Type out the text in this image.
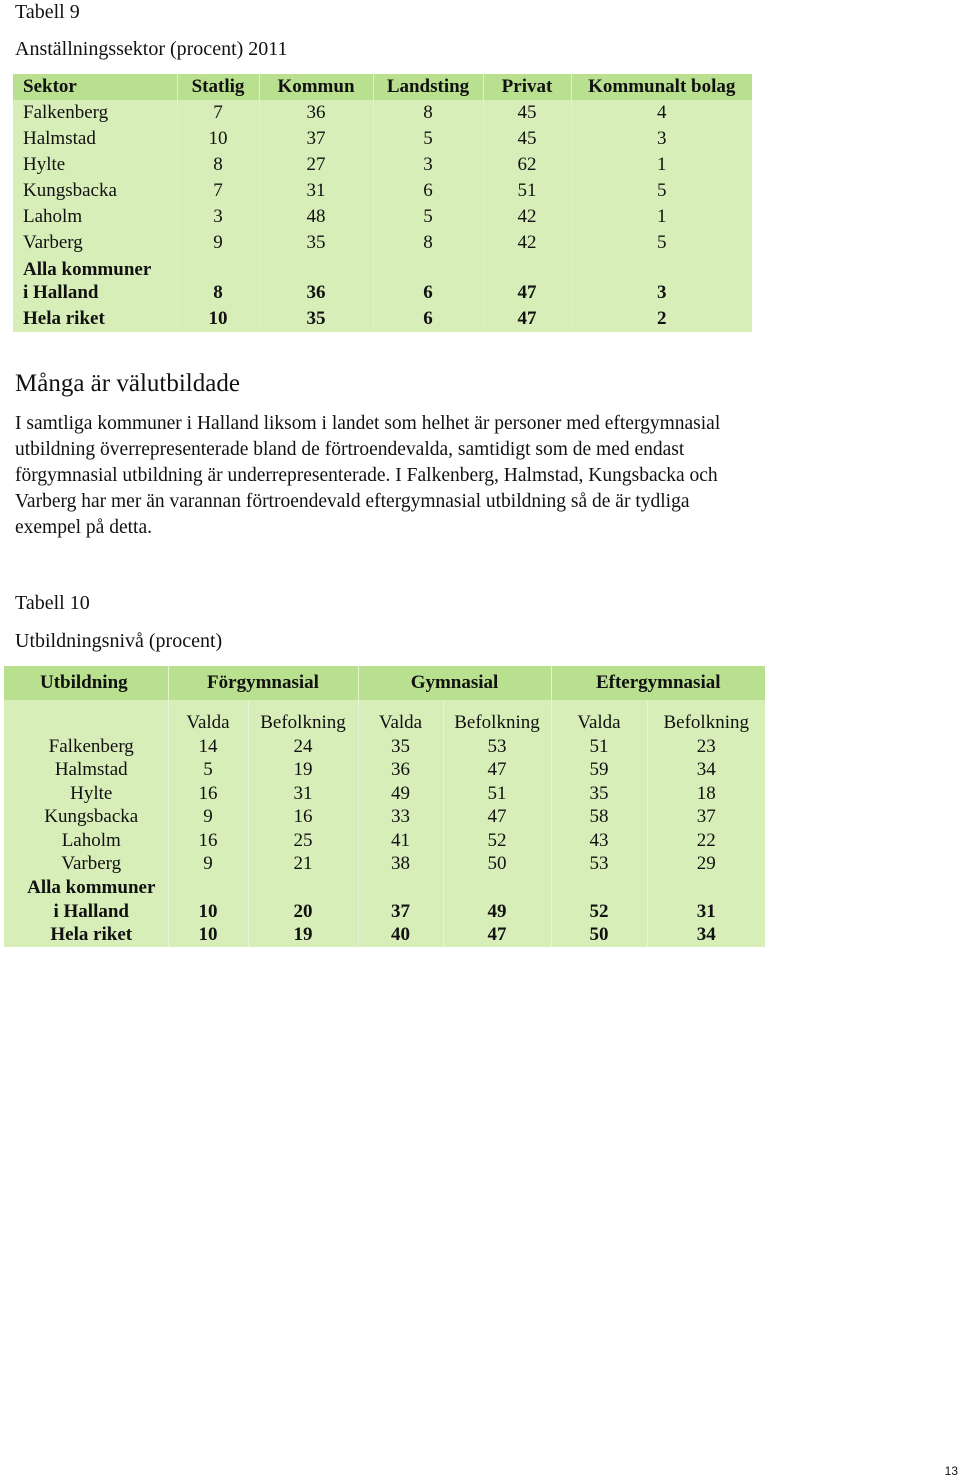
Tabell 9
Anställningssektor (procent) 2011
Sektor	Statlig	Kommun	Landsting	Privat	Kommunalt bolag
Falkenberg	7	36	8	45	4
Halmstad	10	37	5	45	3
Hylte	8	27	3	62	1
Kungsbacka	7	31	6	51	5
Laholm	3	48	5	42	1
Varberg	9	35	8	42	5

Alla kommuner
i Halland	8	36	6	47	3
Hela riket	10	35	6	47	2
Många är välutbildade
I samtliga kommuner i Halland liksom i landet som helhet är personer med eftergymnasial utbildning överrepresenterade bland de förtroendevalda, samtidigt som de med endast förgymnasial utbildning är underrepresenterade. I Falkenberg, Halmstad, Kungsbacka och Varberg har mer än varannan förtroendevald eftergymnasial utbildning så de är tydliga exempel på detta.
Tabell 10
Utbildningsnivå (procent)
Utbildning	Förgymnasial		Gymnasial		Eftergymnasial	
	Valda	Befolkning	Valda	Befolkning	Valda	Befolkning
Falkenberg	14	24	35	53	51	23
Halmstad	5	19	36	47	59	34
Hylte	16	31	49	51	35	18
Kungsbacka	9	16	33	47	58	37
Laholm	16	25	41	52	43	22
Varberg	9	21	38	50	53	29

Alla kommuner
i Halland	10	20	37	49	52	31
Hela riket	10	19	40	47	50	34
13
